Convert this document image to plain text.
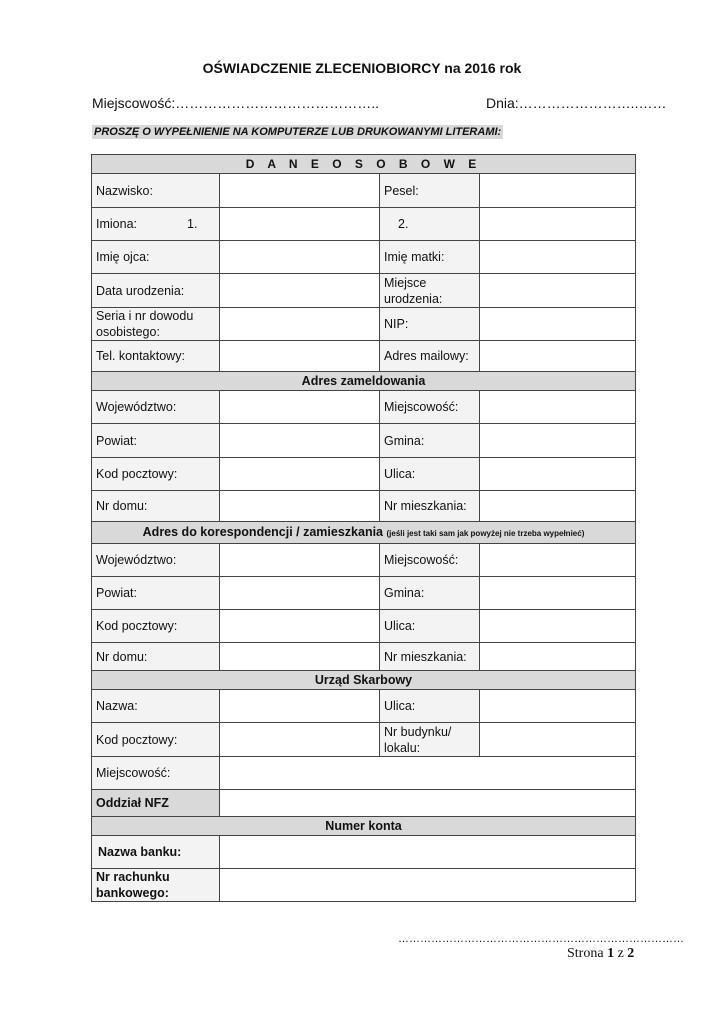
OŚWIADCZENIE ZLECENIOBIORCY na 2016 rok
Miejscowość:……………………………………..	Dnia:……………………..……
PROSZĘ O WYPEŁNIENIE NA KOMPUTERZE LUB DRUKOWANYMI LITERAMI:
D A N E O S O B O W E			
Nazwisko:		Pesel:	
Imiona: 1.		2.	
Imię ojca:		Imię matki:	
Data urodzenia:		Miejsce urodzenia:	
Seria i nr dowodu osobistego:		NIP:	
Tel. kontaktowy:		Adres mailowy:	
Adres zameldowania			
Województwo:		Miejscowość:	
Powiat:		Gmina:	
Kod pocztowy:		Ulica:	
Nr domu:		Nr mieszkania:	
Adres do korespondencji / zamieszkania (jeśli jest taki sam jak powyżej nie trzeba wypełnieć)			
Województwo:		Miejscowość:	
Powiat:		Gmina:	
Kod pocztowy:		Ulica:	
Nr domu:		Nr mieszkania:	
Urząd Skarbowy			
Nazwa:		Ulica:	
Kod pocztowy:		Nr budynku/ lokalu:	
Miejscowość:			
Oddział NFZ			
Numer konta			
Nazwa banku:			
Nr rachunku bankowego:			
……………………………………………………………………
Strona 1 z 2
